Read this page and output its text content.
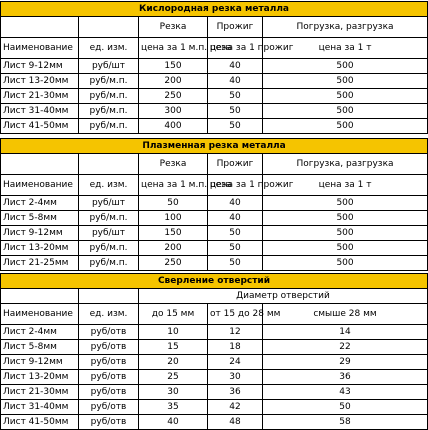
Кислородная резка металла				
		Резка	Прожиг	Погрузка, разгрузка
Наименование	ед. изм.	цена за 1 м.п. реза	цена за 1 прожиг	цена за 1 т
Лист 9-12мм	руб/шт	150	40	500
Лист 13-20мм	руб/м.п.	200	40	500
Лист 21-30мм	руб/м.п.	250	50	500
Лист 31-40мм	руб/м.п.	300	50	500
Лист 41-50мм	руб/м.п.	400	50	500
Плазменная резка металла				
		Резка	Прожиг	Погрузка, разгрузка
Наименование	ед. изм.	цена за 1 м.п. реза	цена за 1 прожиг	цена за 1 т
Лист 2-4мм	руб/шт	50	40	500
Лист 5-8мм	руб/м.п.	100	40	500
Лист 9-12мм	руб/шт	150	50	500
Лист 13-20мм	руб/м.п.	200	50	500
Лист 21-25мм	руб/м.п.	250	50	500
Сверление отверстий				
		Диаметр отверстий		
Наименование	ед. изм.	до 15 мм	от 15 до 28 мм	смыше 28 мм
Лист 2-4мм	руб/отв	10	12	14
Лист 5-8мм	руб/отв	15	18	22
Лист 9-12мм	руб/отв	20	24	29
Лист 13-20мм	руб/отв	25	30	36
Лист 21-30мм	руб/отв	30	36	43
Лист 31-40мм	руб/отв	35	42	50
Лист 41-50мм	руб/отв	40	48	58
